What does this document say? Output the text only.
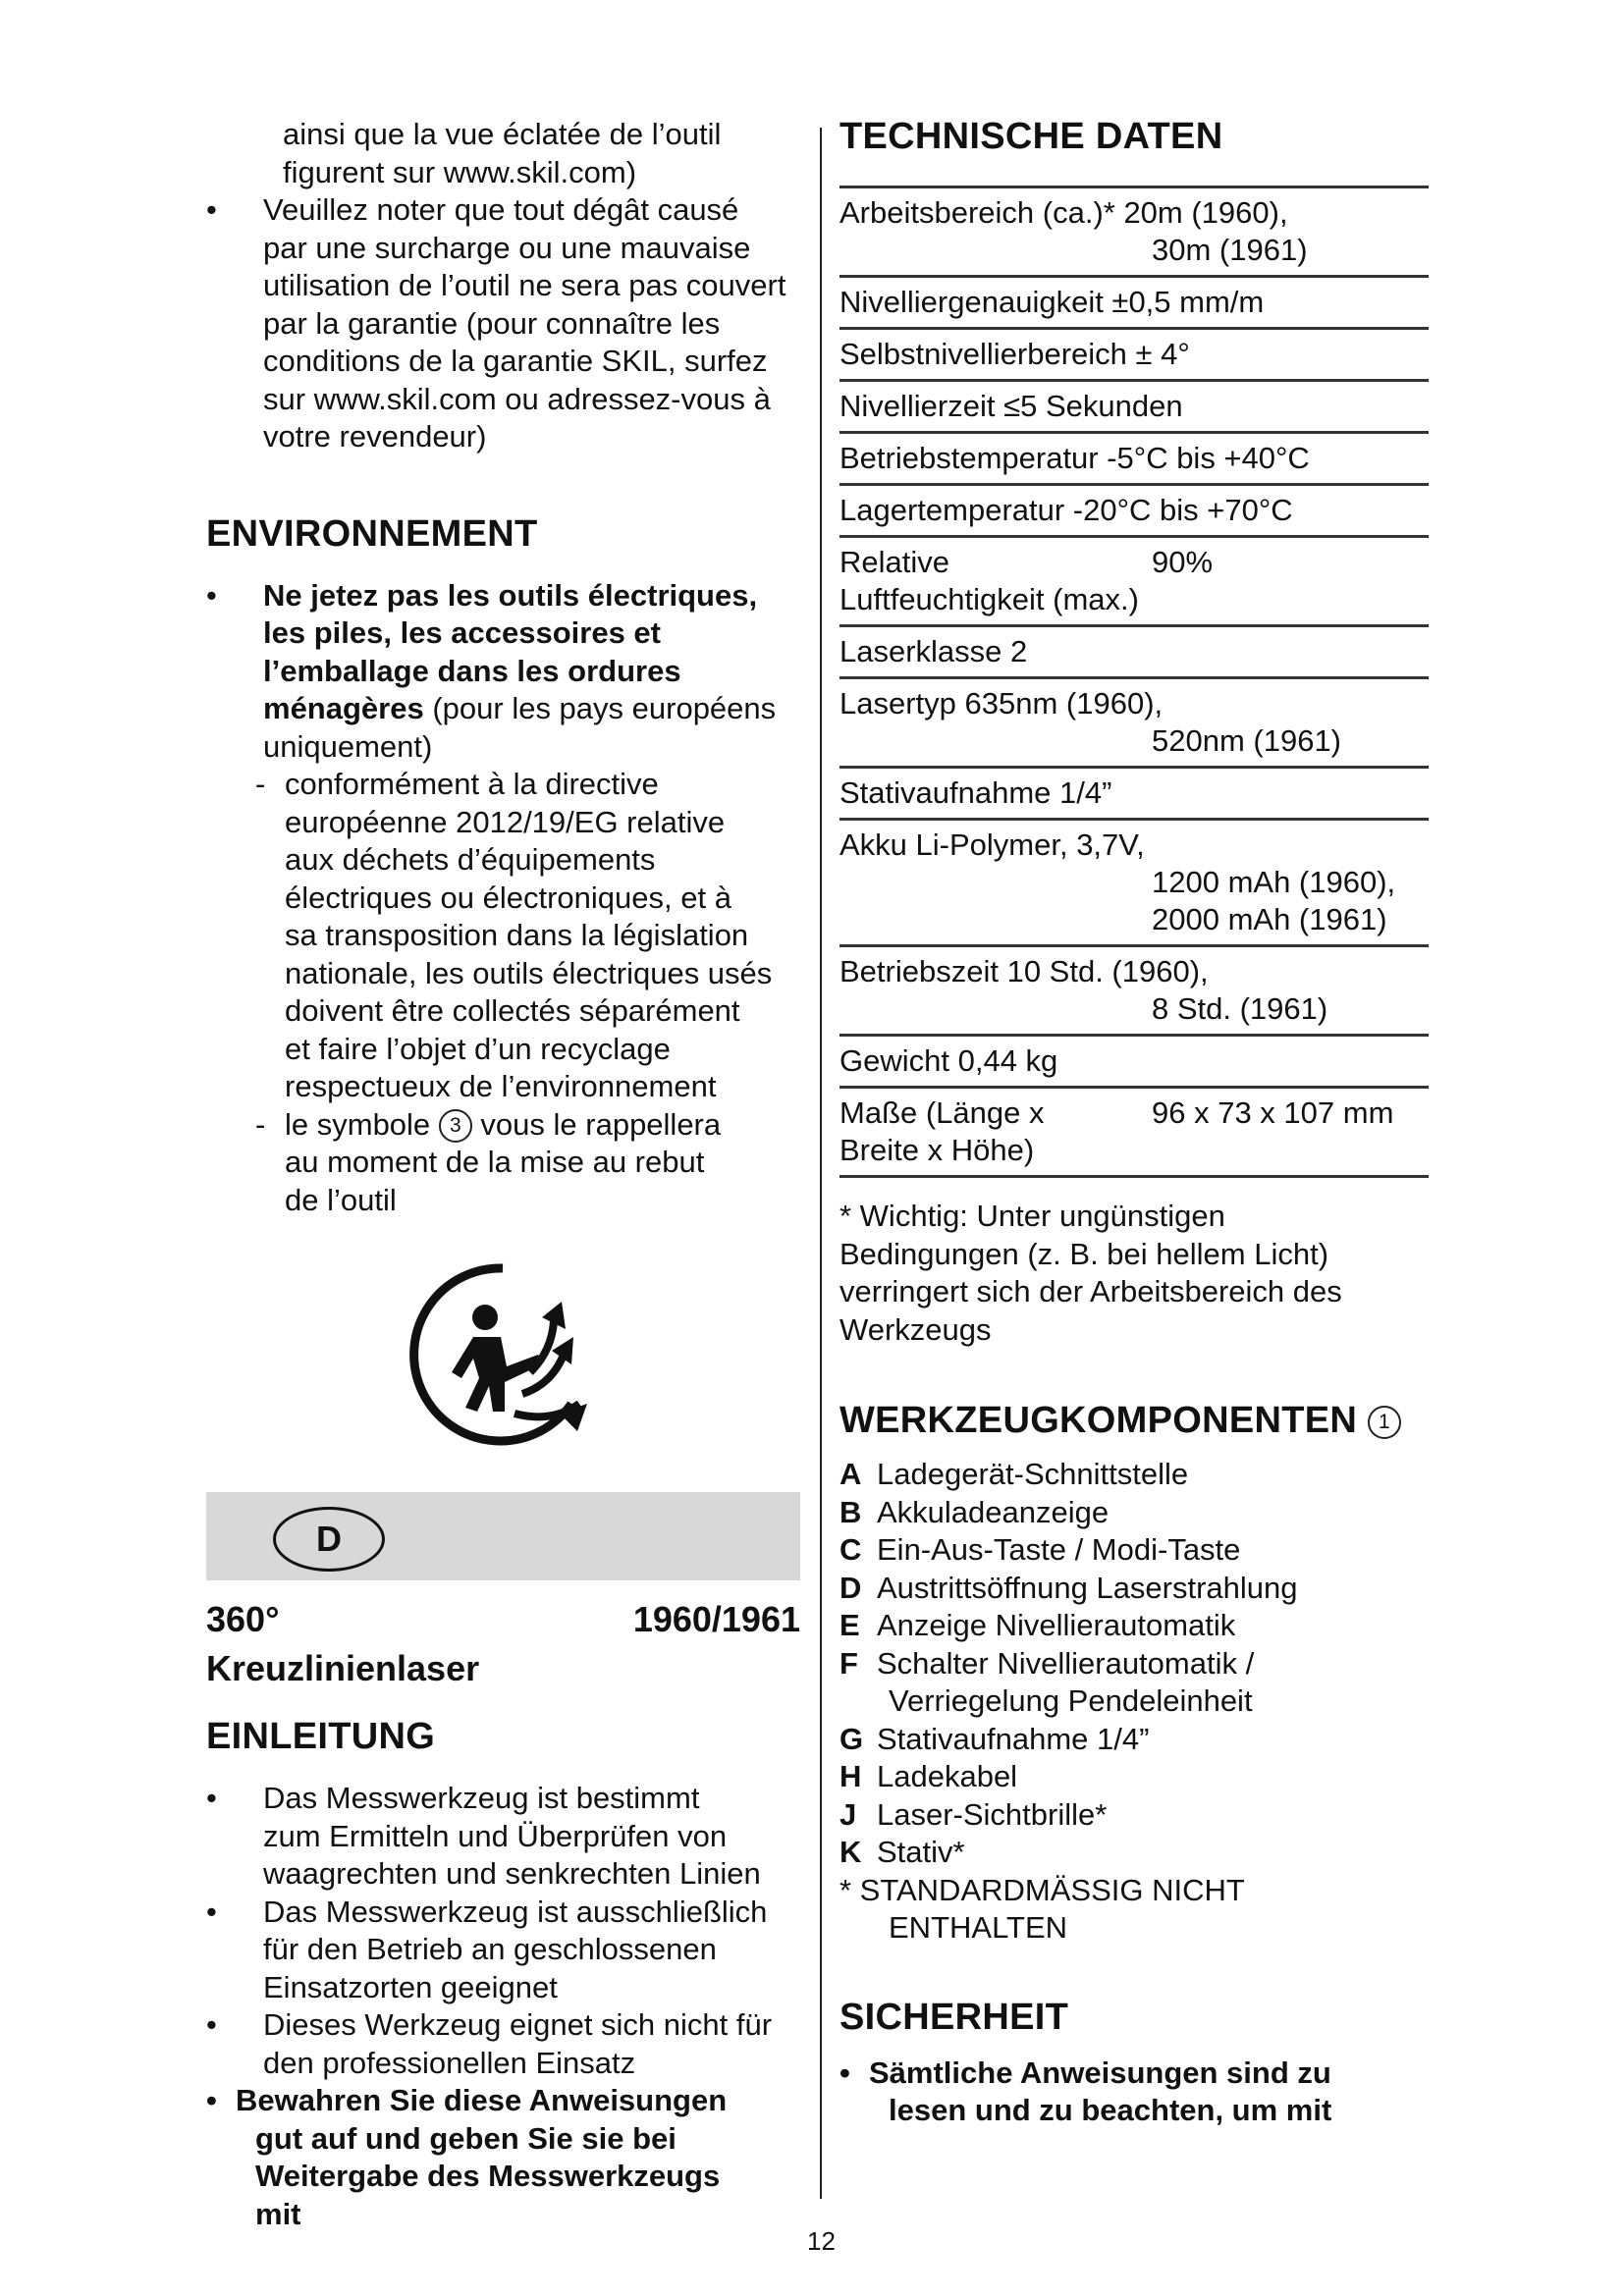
ainsi que la vue éclatée de l’outil
figurent sur www.skil.com)
• Veuillez noter que tout dégât causé
par une surcharge ou une mauvaise
utilisation de l’outil ne sera pas couvert
par la garantie (pour connaître les
conditions de la garantie SKIL, surfez
sur www.skil.com ou adressez-vous à
votre revendeur)
ENVIRONNEMENT
• Ne jetez pas les outils électriques,
les piles, les accessoires et
l’emballage dans les ordures
ménagères (pour les pays européens
uniquement)
- conformément à la directive
européenne 2012/19/EG relative
aux déchets d’équipements
électriques ou électroniques, et à
sa transposition dans la législation
nationale, les outils électriques usés
doivent être collectés séparément
et faire l’objet d’un recyclage
respectueux de l’environnement
- le symbole 3 vous le rappellera
au moment de la mise au rebut
de l’outil
D
360°	1960/1961
Kreuzlinienlaser
EINLEITUNG
• Das Messwerkzeug ist bestimmt
zum Ermitteln und Überprüfen von
waagrechten und senkrechten Linien
• Das Messwerkzeug ist ausschließlich
für den Betrieb an geschlossenen
Einsatzorten geeignet
• Dieses Werkzeug eignet sich nicht für
den professionellen Einsatz
• Bewahren Sie diese Anweisungen
gut auf und geben Sie sie bei
Weitergabe des Messwerkzeugs
mit
TECHNISCHE DATEN
Arbeitsbereich (ca.)* 20m (1960),
30m (1961)

Nivelliergenauigkeit ±0,5 mm/m
Selbstnivellierbereich ± 4°
Nivellierzeit ≤5 Sekunden
Betriebstemperatur -5°C bis +40°C
Lagertemperatur -20°C bis +70°C

Relative	90%
Luftfeuchtigkeit (max.)

Laserklasse 2

Lasertyp 635nm (1960),
520nm (1961)

Stativaufnahme 1/4”

Akku Li-Polymer, 3,7V,
1200 mAh (1960),
2000 mAh (1961)

Betriebszeit 10 Std. (1960),
8 Std. (1961)

Gewicht 0,44 kg

Maße (Länge x	96 x 73 x 107 mm
Breite x Höhe)
* Wichtig: Unter ungünstigen
Bedingungen (z. B. bei hellem Licht)
verringert sich der Arbeitsbereich des
Werkzeugs
WERKZEUGKOMPONENTEN 1
A Ladegerät-Schnittstelle
B Akkuladeanzeige
C Ein-Aus-Taste / Modi-Taste
D Austrittsöffnung Laserstrahlung
E Anzeige Nivellierautomatik
F Schalter Nivellierautomatik /
Verriegelung Pendeleinheit
G Stativaufnahme 1/4”
H Ladekabel
J Laser-Sichtbrille*
K Stativ*
* STANDARDMÄSSIG NICHT
ENTHALTEN
SICHERHEIT
• Sämtliche Anweisungen sind zu
lesen und zu beachten, um mit
12
